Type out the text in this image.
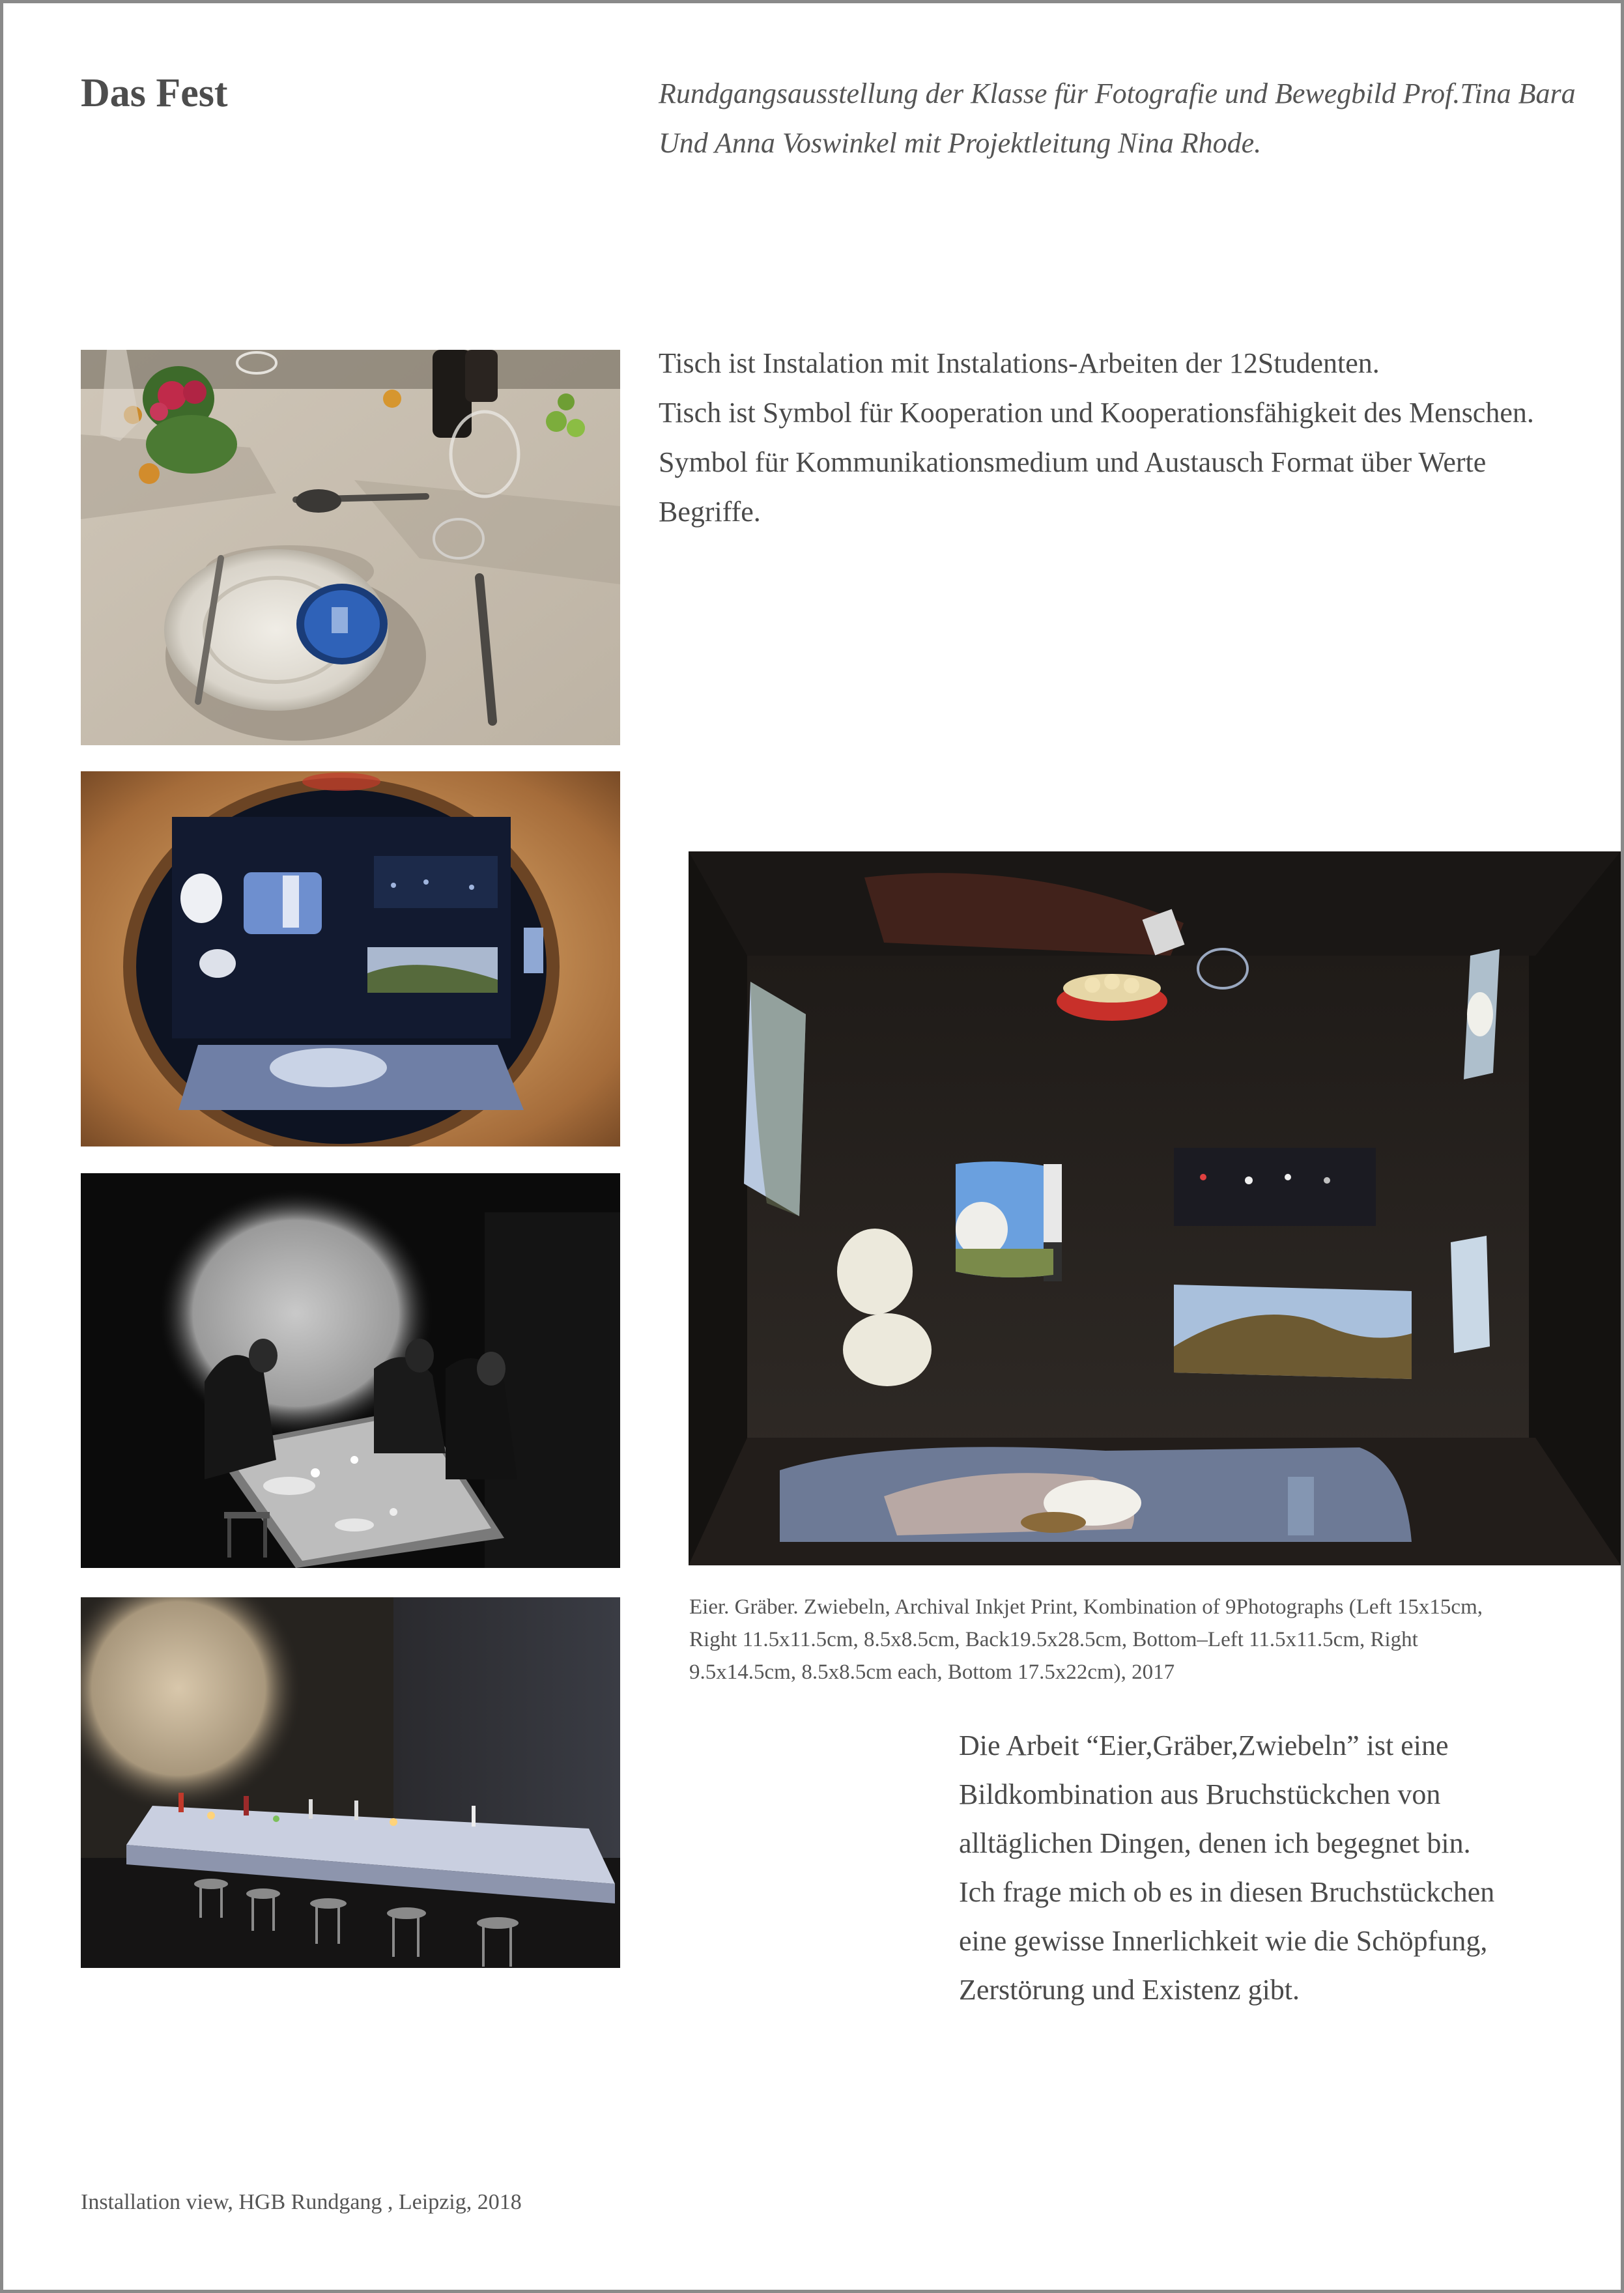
Das Fest	Rundgangsausstellung der Klasse für Fotografie und Bewegbild Prof.Tina Bara
Und Anna Voswinkel mit Projektleitung Nina Rhode.
Tisch ist Instalation mit Instalations-Arbeiten der 12Studenten.
Tisch ist Symbol für Kooperation und Kooperationsfähigkeit des Menschen.
Symbol für Kommunikationsmedium und Austausch Format über Werte
Begriffe.
Eier. Gräber. Zwiebeln, Archival Inkjet Print, Kombination of 9Photographs (Left 15x15cm,
Right 11.5x11.5cm, 8.5x8.5cm, Back19.5x28.5cm, Bottom–Left 11.5x11.5cm, Right
9.5x14.5cm, 8.5x8.5cm each, Bottom 17.5x22cm), 2017
Die Arbeit “Eier,Gräber,Zwiebeln” ist eine
Bildkombination aus Bruchstückchen von
alltäglichen Dingen, denen ich begegnet bin.
Ich frage mich ob es in diesen Bruchstückchen
eine gewisse Innerlichkeit wie die Schöpfung,
Zerstörung und Existenz gibt.
Installation view, HGB Rundgang , Leipzig, 2018
